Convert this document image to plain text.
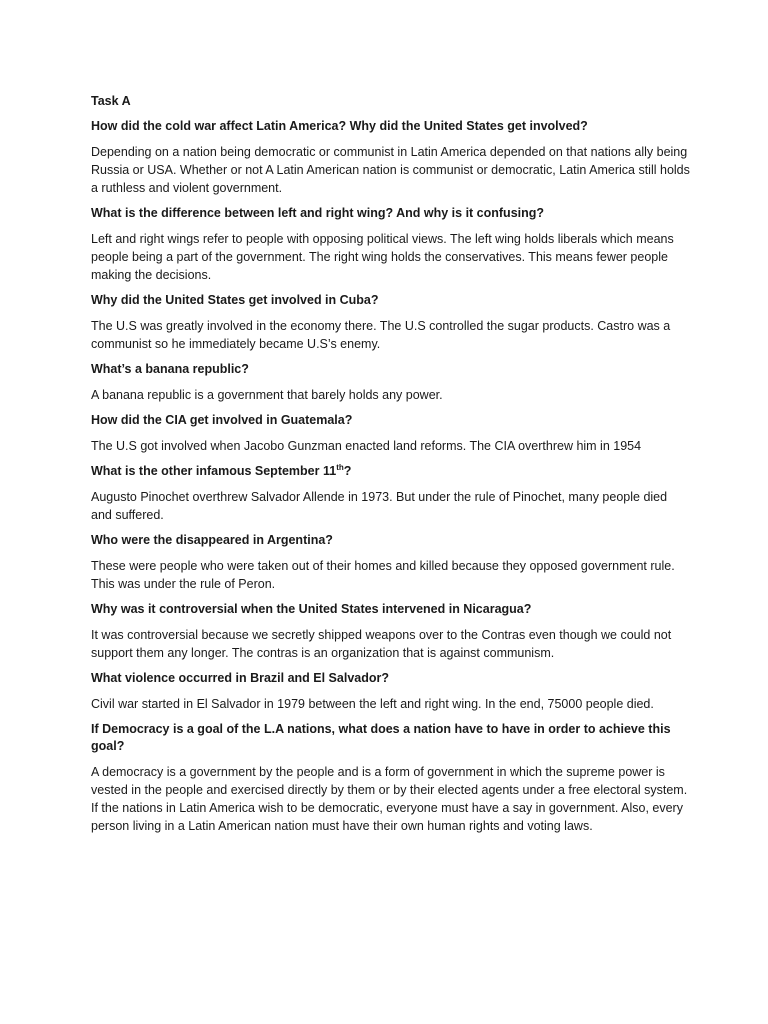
Task A

How did the cold war affect Latin America? Why did the United States get involved?

Depending on a nation being democratic or communist in Latin America depended on that nations ally being Russia or USA. Whether or not A Latin American nation is communist or democratic, Latin America still holds a ruthless and violent government.

What is the difference between left and right wing? And why is it confusing?

Left and right wings refer to people with opposing political views. The left wing holds liberals which means people being a part of the government. The right wing holds the conservatives. This means fewer people making the decisions.

Why did the United States get involved in Cuba?

The U.S was greatly involved in the economy there. The U.S controlled the sugar products. Castro was a communist so he immediately became U.S’s enemy.

What’s a banana republic?

A banana republic is a government that barely holds any power.

How did the CIA get involved in Guatemala?

The U.S got involved when Jacobo Gunzman enacted land reforms. The CIA overthrew him in 1954

What is the other infamous September 11th?

Augusto Pinochet overthrew Salvador Allende in 1973. But under the rule of Pinochet, many people died and suffered.

Who were the disappeared in Argentina?

These were people who were taken out of their homes and killed because they opposed government rule. This was under the rule of Peron.

Why was it controversial when the United States intervened in Nicaragua?

It was controversial because we secretly shipped weapons over to the Contras even though we could not support them any longer. The contras is an organization that is against communism.

What violence occurred in Brazil and El Salvador?

Civil war started in El Salvador in 1979 between the left and right wing. In the end, 75000 people died.

If Democracy is a goal of the L.A nations, what does a nation have to have in order to achieve this goal?

A democracy is a government by the people and is a form of government in which the supreme power is vested in the people and exercised directly by them or by their elected agents under a free electoral system. If the nations in Latin America wish to be democratic, everyone must have a say in government. Also, every person living in a Latin American nation must have their own human rights and voting laws.
